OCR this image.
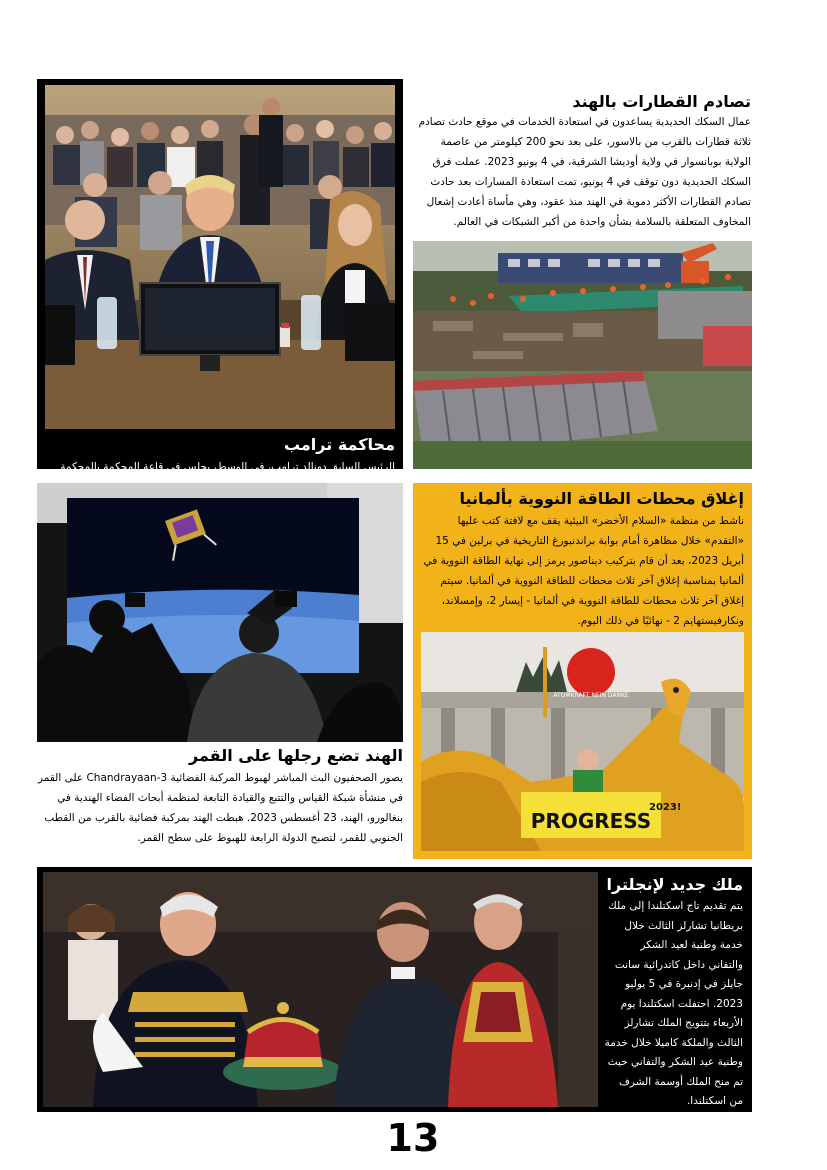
محاكمة ترامب
الرئيس السابق دونالد ترامب، في الوسط، يجلس في قاعة المحكمة بالمحكمة
تصادم القطارات بالهند
عمال السكك الحديدية يساعدون في استعادة الخدمات في موقع حادث تصادم ثلاثة قطارات بالقرب من بالاسور، على بعد نحو 200 كيلومتر من عاصمة الولاية بوبانسوار في ولاية أوديشا الشرقية، في 4 يونيو 2023. عملت فرق السكك الحديدية دون توقف في 4 يونيو، تمت استعادة المسارات بعد حادث تصادم القطارات الأكثر دموية في الهند منذ عقود، وهي مأساة أعادت إشعال المخاوف المتعلقة بالسلامة بشأن واحدة من أكبر الشبكات في العالم.
الهند تضع رجلها على القمر
يصور الصحفيون البث المباشر لهبوط المركبة الفضائية Chandrayaan-3 على القمر في منشأة شبكة القياس والتتبع والقيادة التابعة لمنظمة أبحاث الفضاء الهندية في بنغالورو، الهند، 23 أغسطس 2023. هبطت الهند بمركبة فضائية بالقرب من القطب الجنوبي للقمر، لتصبح الدولة الرابعة للهبوط على سطح القمر.
إغلاق محطات الطاقة النووية بألمانيا
ناشط من منظمة «السلام الأخضر» البيئية يقف مع لافتة كتب عليها «التقدم» خلال مظاهرة أمام بوابة براندنبورغ التاريخية في برلين في 15 أبريل 2023، بعد أن قام بتركيب ديناصور يرمز إلى نهاية الطاقة النووية في ألمانيا بمناسبة إغلاق آخر ثلاث محطات للطاقة النووية في ألمانيا. سيتم إغلاق آخر ثلاث محطات للطاقة النووية في ألمانيا - إيسار 2، وإمسلاند، ونكارفيستهايم 2 - نهائيًا في ذلك اليوم.
ATOMKRAFT NEIN DANKE
PROGRESS
2023!
ملك جديد لإنجلترا
يتم تقديم تاج اسكتلندا إلى ملك بريطانيا تشارلز الثالث خلال خدمة وطنية لعيد الشكر والتفاني داخل كاتدرائية سانت جايلز في إدنبرة في 5 يوليو 2023. احتفلت اسكتلندا يوم الأربعاء بتتويج الملك تشارلز الثالث والملكة كاميلا خلال خدمة وطنية عيد الشكر والتفاني حيث تم منح الملك أوسمة الشرف من اسكتلندا.
13
